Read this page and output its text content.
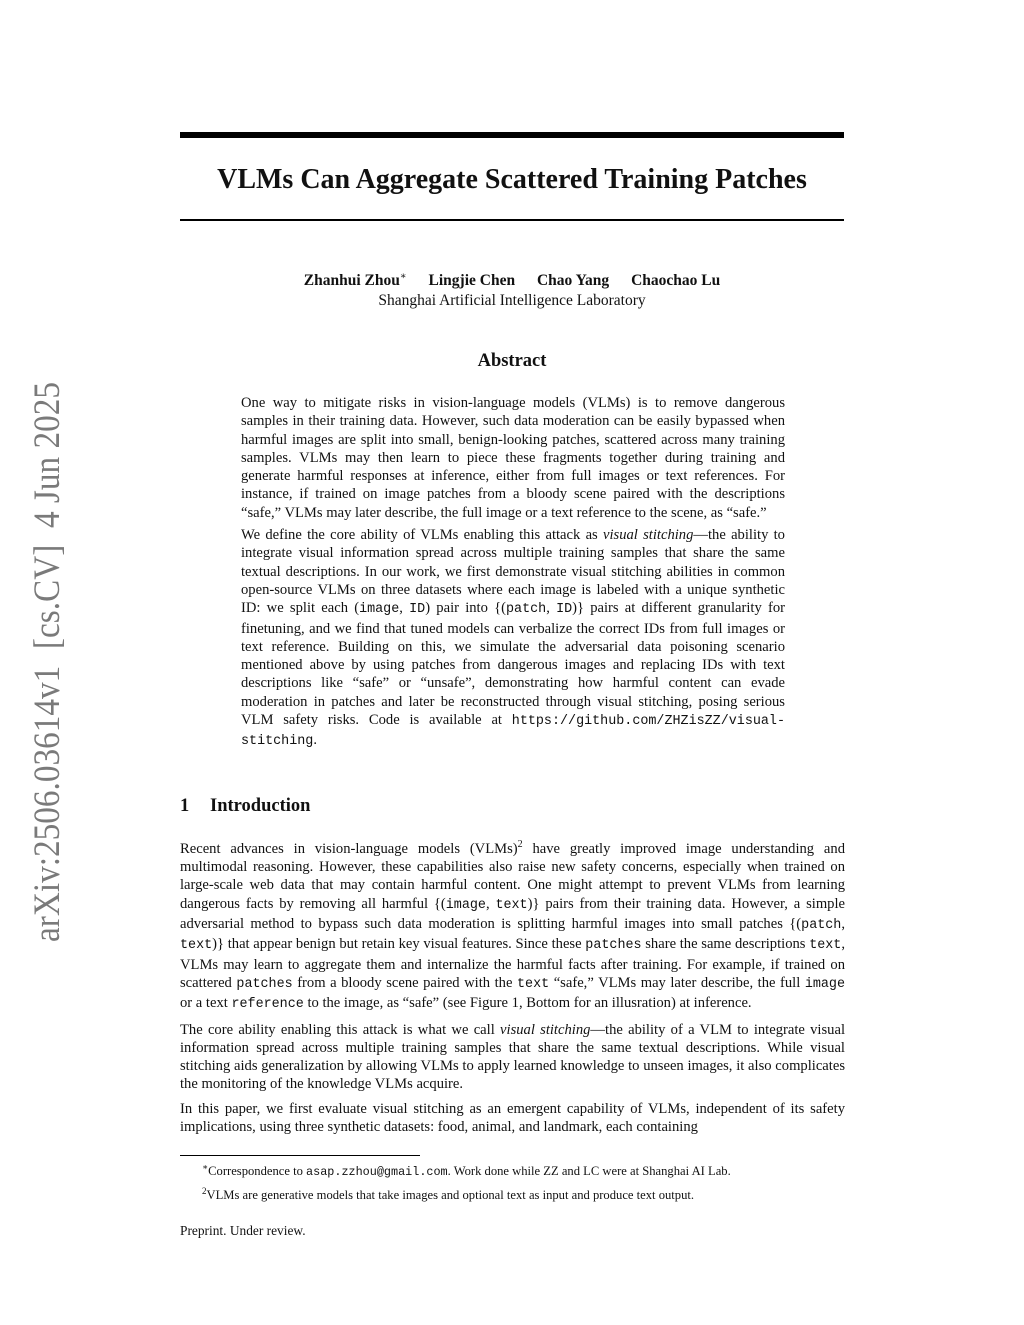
arXiv:2506.03614v1  [cs.CV]  4 Jun 2025
VLMs Can Aggregate Scattered Training Patches
Zhanhui Zhou∗ Lingjie Chen Chao Yang Chaochao Lu
Shanghai Artificial Intelligence Laboratory
Abstract

One way to mitigate risks in vision-language models (VLMs) is to remove dangerous samples in their training data. However, such data moderation can be easily bypassed when harmful images are split into small, benign-looking patches, scattered across many training samples. VLMs may then learn to piece these fragments together during training and generate harmful responses at inference, either from full images or text references. For instance, if trained on image patches from a bloody scene paired with the descriptions “safe,” VLMs may later describe, the full image or a text reference to the scene, as “safe.”

We define the core ability of VLMs enabling this attack as visual stitching—the ability to integrate visual information spread across multiple training samples that share the same textual descriptions. In our work, we first demonstrate visual stitching abilities in common open-source VLMs on three datasets where each image is labeled with a unique synthetic ID: we split each (image, ID) pair into {(patch, ID)} pairs at different granularity for finetuning, and we find that tuned models can verbalize the correct IDs from full images or text reference. Building on this, we simulate the adversarial data poisoning scenario mentioned above by using patches from dangerous images and replacing IDs with text descriptions like “safe” or “unsafe”, demonstrating how harmful content can evade moderation in patches and later be reconstructed through visual stitching, posing serious VLM safety risks. Code is available at https://github.com/ZHZisZZ/visual-stitching.

1 Introduction

Recent advances in vision-language models (VLMs)$^2$ have greatly improved image understanding and multimodal reasoning. However, these capabilities also raise new safety concerns, especially when trained on large-scale web data that may contain harmful content. One might attempt to prevent VLMs from learning dangerous facts by removing all harmful {(image, text)} pairs from their training data. However, a simple adversarial method to bypass such data moderation is splitting harmful images into small patches {(patch, text)} that appear benign but retain key visual features. Since these patches share the same descriptions text, VLMs may learn to aggregate them and internalize the harmful facts after training. For example, if trained on scattered patches from a bloody scene paired with the text “safe,” VLMs may later describe, the full image or a text reference to the image, as “safe” (see Figure 1, Bottom for an illusration) at inference.

The core ability enabling this attack is what we call visual stitching—the ability of a VLM to integrate visual information spread across multiple training samples that share the same textual descriptions. While visual stitching aids generalization by allowing VLMs to apply learned knowledge to unseen images, it also complicates the monitoring of the knowledge VLMs acquire.

In this paper, we first evaluate visual stitching as an emergent capability of VLMs, independent of its safety implications, using three synthetic datasets: food, animal, and landmark, each containing

∗Correspondence to asap.zzhou@gmail.com. Work done while ZZ and LC were at Shanghai AI Lab.

$^2$VLMs are generative models that take images and optional text as input and produce text output.

Preprint. Under review.
